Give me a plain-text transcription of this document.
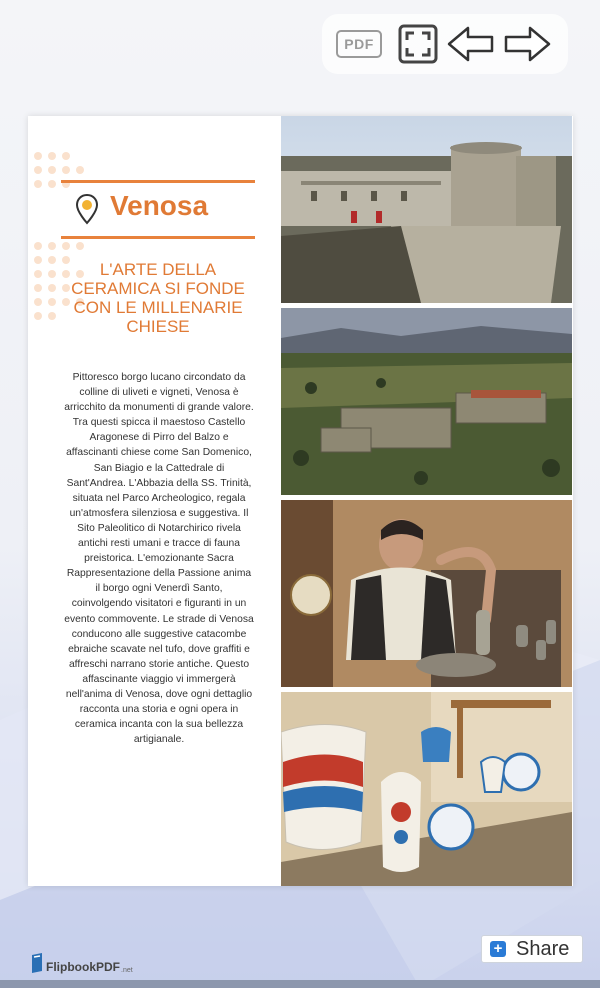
PDF
Venosa
L'ARTE DELLA CERAMICA SI FONDE CON LE MILLENARIE CHIESE
Pittoresco borgo lucano circondato da colline di uliveti e vigneti, Venosa è arricchito da monumenti di grande valore. Tra questi spicca il maestoso Castello Aragonese di Pirro del Balzo e affascinanti chiese come San Domenico, San Biagio e la Cattedrale di Sant'Andrea. L'Abbazia della SS. Trinità, situata nel Parco Archeologico, regala un'atmosfera silenziosa e suggestiva. Il Sito Paleolitico di Notarchirico rivela antichi resti umani e tracce di fauna preistorica. L'emozionante Sacra Rappresentazione della Passione anima il borgo ogni Venerdì Santo, coinvolgendo visitatori e figuranti in un evento commovente. Le strade di Venosa conducono alle suggestive catacombe ebraiche scavate nel tufo, dove graffiti e affreschi narrano storie antiche. Questo affascinante viaggio vi immergerà nell'anima di Venosa, dove ogni dettaglio racconta una storia e ogni opera in ceramica incanta con la sua bellezza artigianale.
FlipbookPDF .net
+ Share
